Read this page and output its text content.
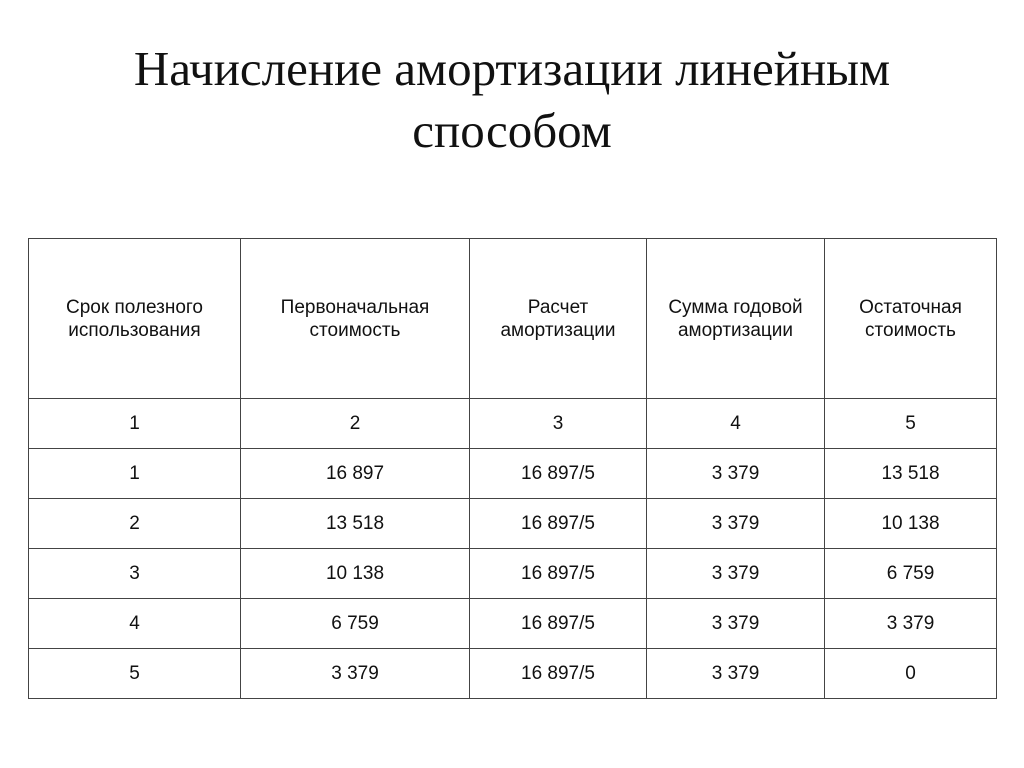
Начисление амортизации линейным
способом
Срок полезного использования	Первоначальная стоимость	Расчет амортизации	Сумма годовой амортизации	Остаточная стоимость
1	2	3	4	5
1	16 897	16 897/5	3 379	13 518
2	13 518	16 897/5	3 379	10 138
3	10 138	16 897/5	3 379	6 759
4	6 759	16 897/5	3 379	3 379
5	3 379	16 897/5	3 379	0
